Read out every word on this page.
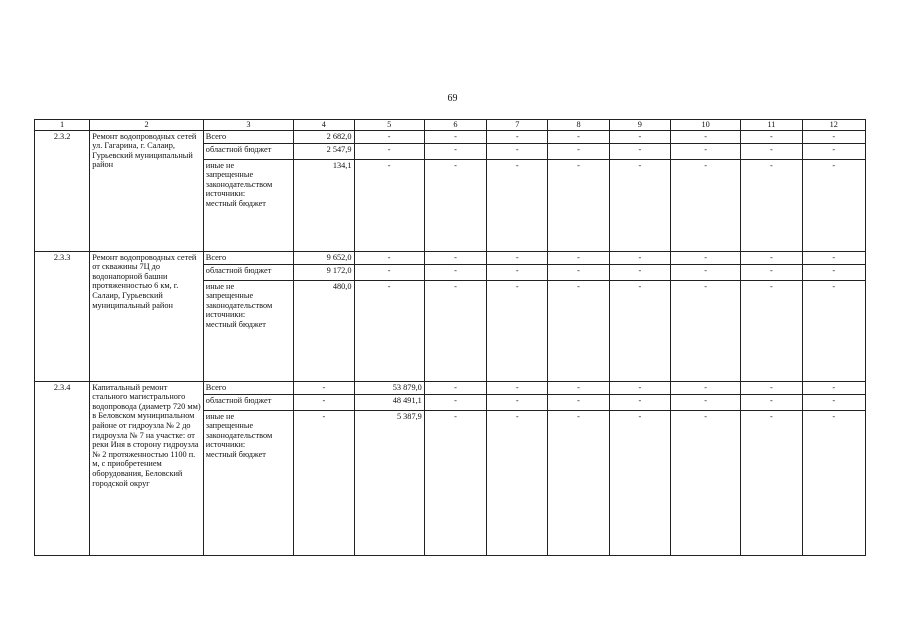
69
1	2	3	4	5	6	7	8	9	10	11	12
2.3.2	Ремонт водопроводных сетей ул. Гагарина, г. Салаир, Гурьевский муниципальный район	Всего	2 682,0	-	-	-	-	-	-	-	-

		областной бюджет	2 547,9	-	-	-	-	-	-	-	-

		иные не
запрещенные
законодательством
источники:
местный бюджет	134,1	-	-	-	-	-	-	-	-
2.3.3	Ремонт водопроводных сетей от скважины 7Ц до водонапорной башни протяженностью 6 км, г. Салаир, Гурьевский муниципальный район	Всего	9 652,0	-	-	-	-	-	-	-	-

		областной бюджет	9 172,0	-	-	-	-	-	-	-	-

		иные не
запрещенные
законодательством
источники:
местный бюджет	480,0	-	-	-	-	-	-	-	-
2.3.4	Капитальный ремонт стального магистрального водопровода (диаметр 720 мм) в Беловском муниципальном районе от гидроузла № 2 до гидроузла № 7 на участке: от реки Иня в сторону гидроузла № 2 протяженностью 1100 п. м, с приобретением оборудования, Беловский городской округ	Всего	-	53 879,0	-	-	-	-	-	-	-

		областной бюджет	-	48 491,1	-	-	-	-	-	-	-

		иные не
запрещенные
законодательством
источники:
местный бюджет	-	5 387,9	-	-	-	-	-	-	-
